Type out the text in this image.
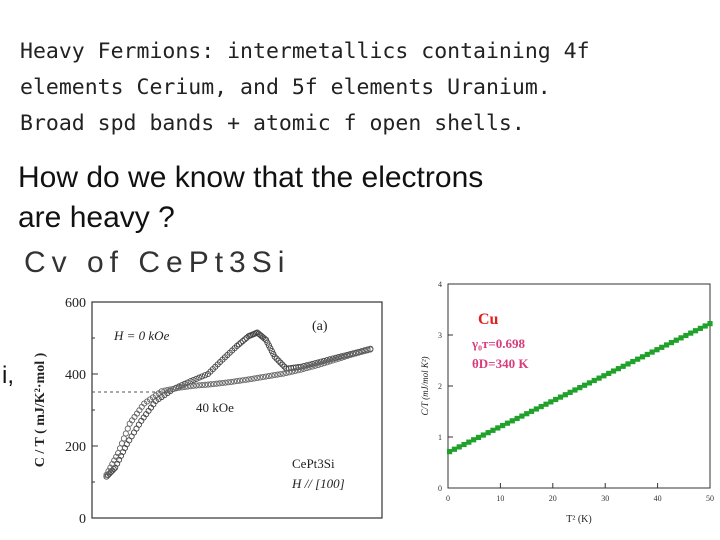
Heavy Fermions: intermetallics containing 4f
elements Cerium, and 5f elements Uranium.
Broad spd bands + atomic f open shells.
How do we know that the electrons
are heavy ?
Cv of CePt3Si
i,
600
400
200
0
C / T ( mJ/K²·mol )
(a)
H = 0 kOe
40 kOe
CePt3Si
H // [100]
0	10	20	30	40	50
0
1
2
3
4
T² (K)
C/T (mJ/mol K²)
Cu
γ₀ᴛ=0.698
θD=340 K
